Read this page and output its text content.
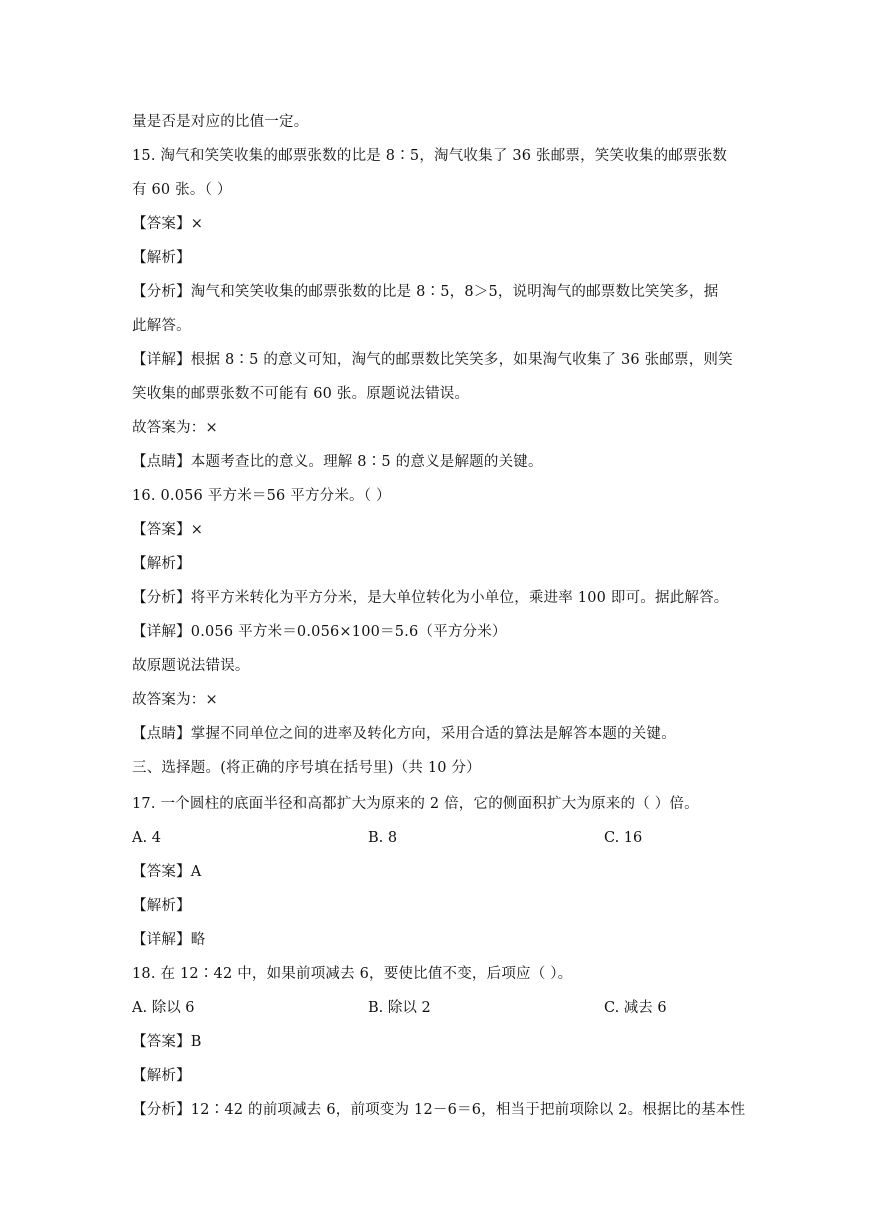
量是否是对应的比值一定。
15. 淘气和笑笑收集的邮票张数的比是 8∶5，淘气收集了 36 张邮票，笑笑收集的邮票张数
有 60 张。（ ）
【答案】×
【解析】
【分析】淘气和笑笑收集的邮票张数的比是 8∶5，8＞5，说明淘气的邮票数比笑笑多，据
此解答。
【详解】根据 8∶5 的意义可知，淘气的邮票数比笑笑多，如果淘气收集了 36 张邮票，则笑
笑收集的邮票张数不可能有 60 张。原题说法错误。
故答案为：×
【点睛】本题考查比的意义。理解 8∶5 的意义是解题的关键。
16. 0.056 平方米＝56 平方分米。（ ）
【答案】×
【解析】
【分析】将平方米转化为平方分米，是大单位转化为小单位，乘进率 100 即可。据此解答。
【详解】0.056 平方米＝0.056×100＝5.6（平方分米）
故原题说法错误。
故答案为：×
【点睛】掌握不同单位之间的进率及转化方向，采用合适的算法是解答本题的关键。
三、选择题。(将正确的序号填在括号里)（共 10 分）
17. 一个圆柱的底面半径和高都扩大为原来的 2 倍，它的侧面积扩大为原来的（ ）倍。
A. 4	B. 8	C. 16
【答案】A
【解析】
【详解】略
18. 在 12∶42 中，如果前项减去 6，要使比值不变，后项应（ ）。
A. 除以 6	B. 除以 2	C. 减去 6
【答案】B
【解析】
【分析】12∶42 的前项减去 6，前项变为 12－6＝6，相当于把前项除以 2。根据比的基本性
